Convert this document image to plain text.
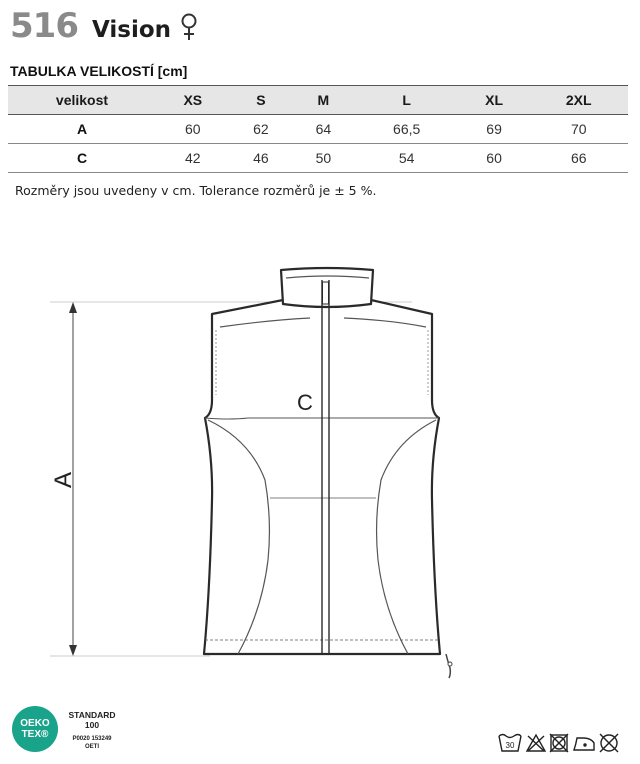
516 Vision
TABULKA VELIKOSTÍ [cm]
velikost	XS	S	M	L	XL	2XL
A	60	62	64	66,5	69	70
C	42	46	50	54	60	66
Rozměry jsou uvedeny v cm. Tolerance rozměrů je ± 5 %.
A
C
OEKO
TEX®
STANDARD
100
P0020 153249
OETI	30
